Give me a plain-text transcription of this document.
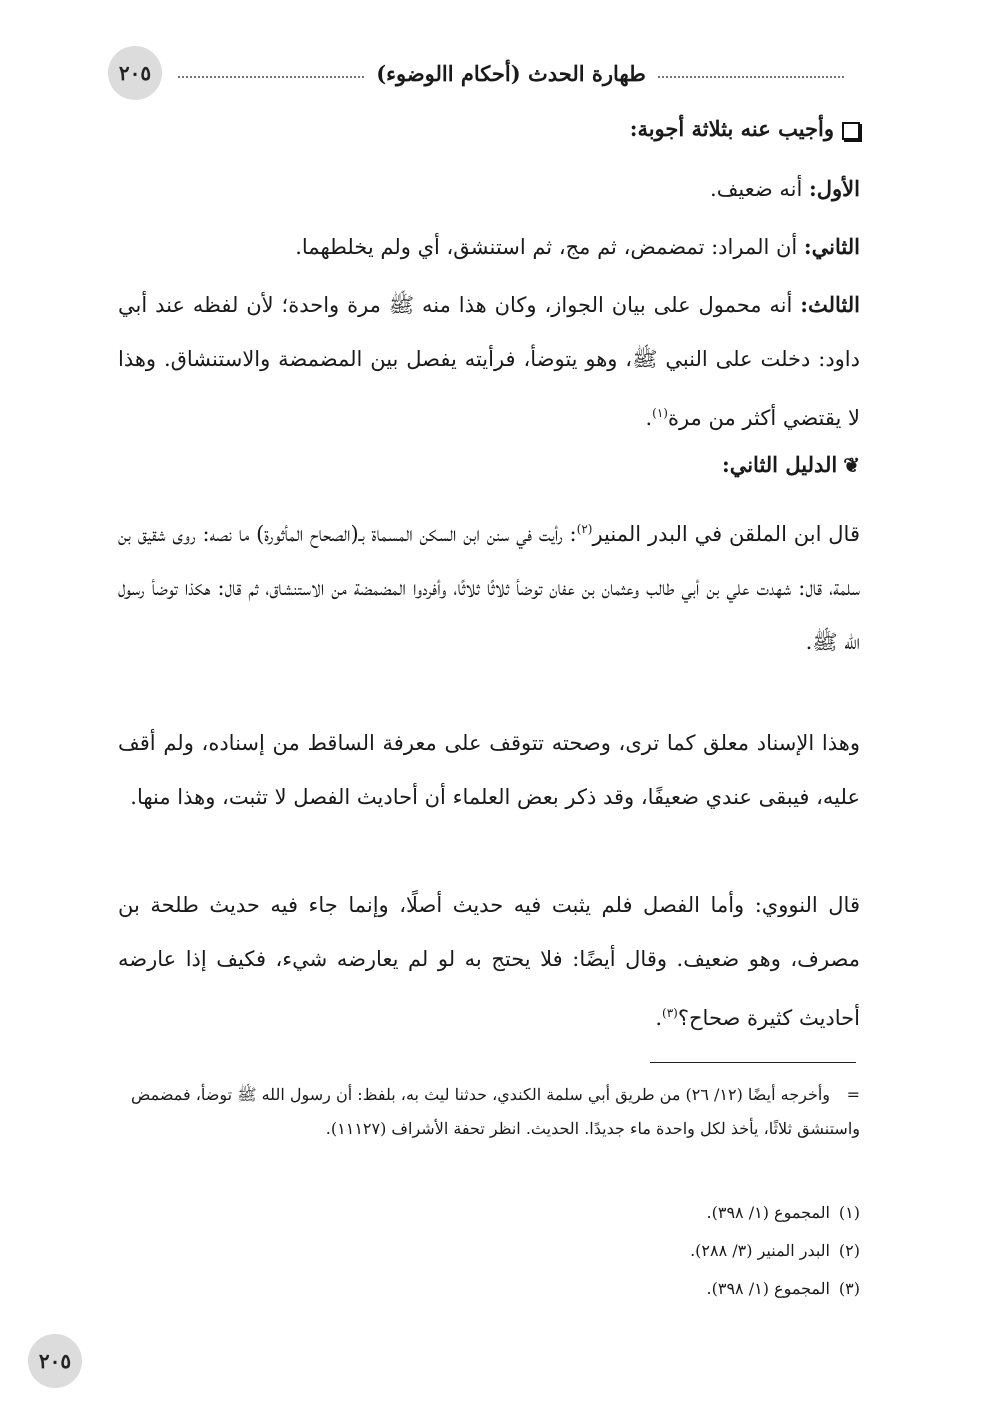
٢٠٥	طهارة الحدث (أحكام االوضوء)
وأجيب عنه بثلاثة أجوبة:
الأول: أنه ضعيف.
الثاني: أن المراد: تمضمض، ثم مج، ثم استنشق، أي ولم يخلطهما.
الثالث: أنه محمول على بيان الجواز، وكان هذا منه ﷺ مرة واحدة؛ لأن لفظه عند أبي داود: دخلت على النبي ﷺ، وهو يتوضأ، فرأيته يفصل بين المضمضة والاستنشاق. وهذا لا يقتضي أكثر من مرة$^{(١)}$.
❦الدليل الثاني:
قال ابن الملقن في البدر المنير$^{(٢)}$: رأيت في سنن ابن السكن المسماة بـ(الصحاح المأثورة) ما نصه: روى شقيق بن سلمة، قال: شهدت علي بن أبي طالب وعثمان بن عفان توضأ ثلاثًا ثلاثًا، وأفردوا المضمضة من الاستنشاق، ثم قال: هكذا توضأ رسول الله ﷺ.
وهذا الإسناد معلق كما ترى، وصحته تتوقف على معرفة الساقط من إسناده، ولم أقف عليه، فيبقى عندي ضعيفًا، وقد ذكر بعض العلماء أن أحاديث الفصل لا تثبت، وهذا منها.
قال النووي: وأما الفصل فلم يثبت فيه حديث أصلًا، وإنما جاء فيه حديث طلحة بن مصرف، وهو ضعيف. وقال أيضًا: فلا يحتج به لو لم يعارضه شيء، فكيف إذا عارضه أحاديث كثيرة صحاح؟$^{(٣)}$.
=وأخرجه أيضًا (١٢/ ٢٦) من طريق أبي سلمة الكندي، حدثنا ليث به، بلفظ: أن رسول الله ﷺ توضأ، فمضمض واستنشق ثلاثًا، يأخذ لكل واحدة ماء جديدًا. الحديث. انظر تحفة الأشراف (١١١٢٧).
(١)المجموع (١/ ٣٩٨).
(٢)البدر المنير (٣/ ٢٨٨).
(٣)المجموع (١/ ٣٩٨).
٢٠٥
